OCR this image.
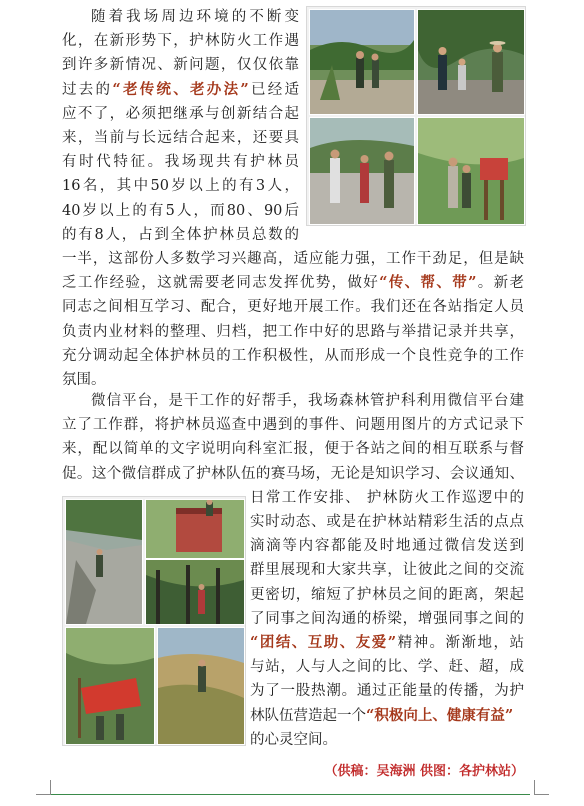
随着我场周边环境的不断变
化，在新形势下，护林防火工作遇
到许多新情况、新问题，仅仅依靠
过去的“老传统、老办法”已经适
应不了，必须把继承与创新结合起
来，当前与长远结合起来，还要具
有时代特征。我场现共有护林员
16名，其中50岁以上的有3人，
40岁以上的有5人，而80、90后
的有8人，占到全体护林员总数的
一半，这部份人多数学习兴趣高，适应能力强，工作干劲足，但是缺
乏工作经验，这就需要老同志发挥优势，做好“传、帮、带”。新老
同志之间相互学习、配合，更好地开展工作。我们还在各站指定人员
负责内业材料的整理、归档，把工作中好的思路与举措记录并共享，
充分调动起全体护林员的工作积极性，从而形成一个良性竞争的工作
氛围。
微信平台，是干工作的好帮手，我场森林管护科利用微信平台建
立了工作群，将护林员巡查中遇到的事件、问题用图片的方式记录下
来，配以简单的文字说明向科室汇报，便于各站之间的相互联系与督
促。这个微信群成了护林队伍的赛马场，无论是知识学习、会议通知、
日常工作安排、 护林防火工作巡逻中的
实时动态、或是在护林站精彩生活的点点
滴滴等内容都能及时地通过微信发送到
群里展现和大家共享，让彼此之间的交流
更密切，缩短了护林员之间的距离，架起
了同事之间沟通的桥梁，增强同事之间的
“团结、互助、友爱”精神。渐渐地，站
与站，人与人之间的比、学、赶、超，成
为了一股热潮。通过正能量的传播，为护
林队伍营造起一个“积极向上、健康有益”
的心灵空间。
（供稿：吴海洲 供图：各护林站）
